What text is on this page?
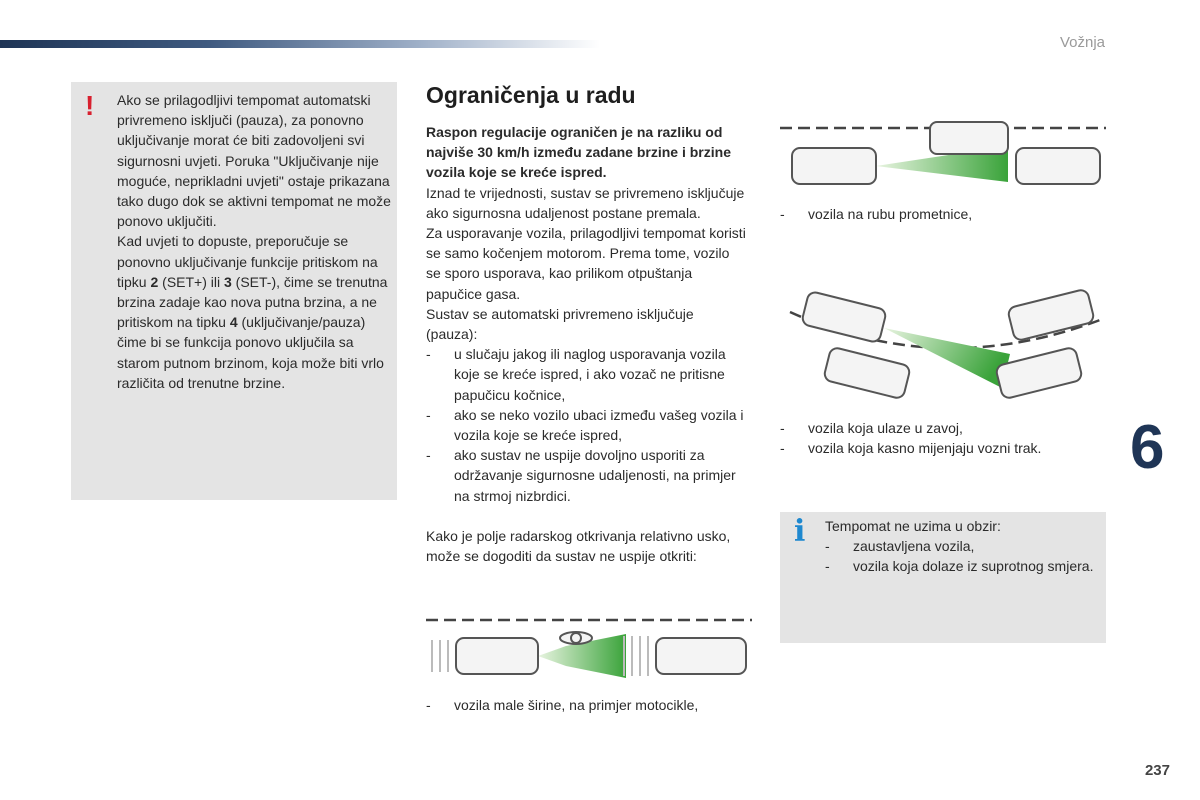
Vožnja
! Ako se prilagodljivi tempomat automatski privremeno isključi (pauza), za ponovno uključivanje morat će biti zadovoljeni svi sigurnosni uvjeti. Poruka "Uključivanje nije moguće, neprikladni uvjeti" ostaje prikazana tako dugo dok se aktivni tempomat ne može ponovo uključiti.

Kad uvjeti to dopuste, preporučuje se ponovno uključivanje funkcije pritiskom na tipku 2 (SET+) ili 3 (SET-), čime se trenutna brzina zadaje kao nova putna brzina, a ne pritiskom na tipku 4 (uključivanje/pauza) čime bi se funkcija ponovo uključila sa starom putnom brzinom, koja može biti vrlo različita od trenutne brzine.

Ograničenja u radu

Raspon regulacije ograničen je na razliku od najviše 30 km/h između zadane brzine i brzine vozila koje se kreće ispred.

Iznad te vrijednosti, sustav se privremeno isključuje ako sigurnosna udaljenost postane premala.

Za usporavanje vozila, prilagodljivi tempomat koristi se samo kočenjem motorom. Prema tome, vozilo se sporo usporava, kao prilikom otpuštanja papučice gasa.

Sustav se automatski privremeno isključuje (pauza):

- u slučaju jakog ili naglog usporavanja vozila koje se kreće ispred, i ako vozač ne pritisne papučicu kočnice,
- ako se neko vozilo ubaci između vašeg vozila i vozila koje se kreće ispred,
- ako sustav ne uspije dovoljno usporiti za održavanje sigurnosne udaljenosti, na primjer na strmoj nizbrdici.

Kako je polje radarskog otkrivanja relativno usko, može se dogoditi da sustav ne uspije otkriti:

- vozila male širine, na primjer motocikle,
- vozila na rubu prometnice,
- vozila koja ulaze u zavoj,
- vozila koja kasno mijenjaju vozni trak.
i Tempomat ne uzima u obzir:
- zaustavljena vozila,
- vozila koja dolaze iz suprotnog smjera.
6
237
